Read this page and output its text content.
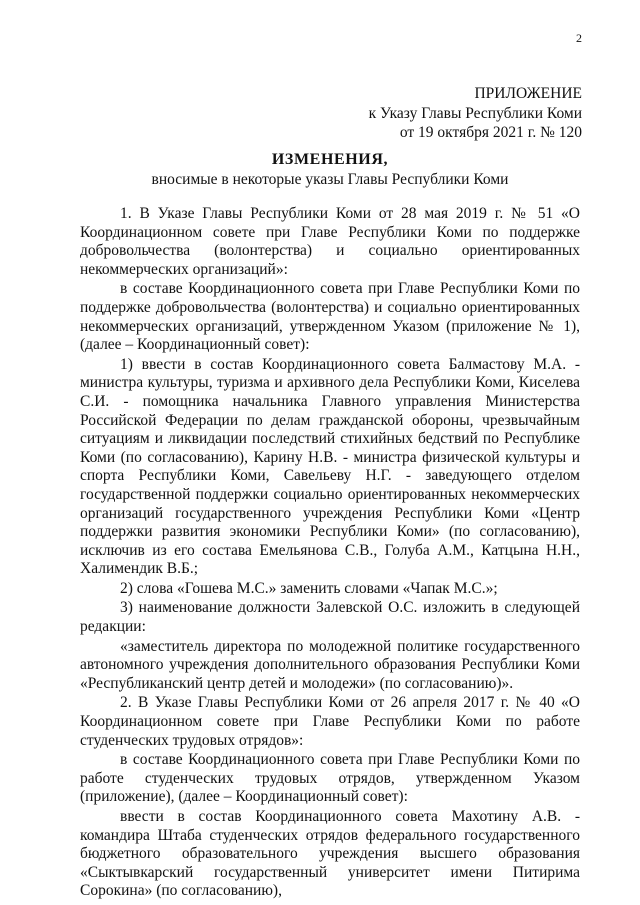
2
ПРИЛОЖЕНИЕ
к Указу Главы Республики Коми
от 19 октября 2021 г. № 120
ИЗМЕНЕНИЯ,
вносимые в некоторые указы Главы Республики Коми

1. В Указе Главы Республики Коми от 28 мая 2019 г. № 51 «О Координационном совете при Главе Республики Коми по поддержке добровольчества (волонтерства) и социально ориентированных некоммерческих организаций»:

в составе Координационного совета при Главе Республики Коми по поддержке добровольчества (волонтерства) и социально ориентированных некоммерческих организаций, утвержденном Указом (приложение № 1), (далее – Координационный совет):

1) ввести в состав Координационного совета Балмастову М.А. - министра культуры, туризма и архивного дела Республики Коми, Киселева С.И. - помощника начальника Главного управления Министерства Российской Федерации по делам гражданской обороны, чрезвычайным ситуациям и ликвидации последствий стихийных бедствий по Республике Коми (по согласованию), Карину Н.В. - министра физической культуры и спорта Республики Коми, Савельеву Н.Г. - заведующего отделом государственной поддержки социально ориентированных некоммерческих организаций государственного учреждения Республики Коми «Центр поддержки развития экономики Республики Коми» (по согласованию), исключив из его состава Емельянова С.В., Голуба А.М., Катцына Н.Н., Халимендик В.Б.;

2) слова «Гошева М.С.» заменить словами «Чапак М.С.»;

3) наименование должности Залевской О.С. изложить в следующей редакции:

«заместитель директора по молодежной политике государственного автономного учреждения дополнительного образования Республики Коми «Республиканский центр детей и молодежи» (по согласованию)».

2. В Указе Главы Республики Коми от 26 апреля 2017 г. № 40 «О Координационном совете при Главе Республики Коми по работе студенческих трудовых отрядов»:

в составе Координационного совета при Главе Республики Коми по работе студенческих трудовых отрядов, утвержденном Указом (приложение), (далее – Координационный совет):

ввести в состав Координационного совета Махотину А.В. - командира Штаба студенческих отрядов федерального государственного бюджетного образовательного учреждения высшего образования «Сыктывкарский государственный университет имени Питирима Сорокина» (по согласованию),
